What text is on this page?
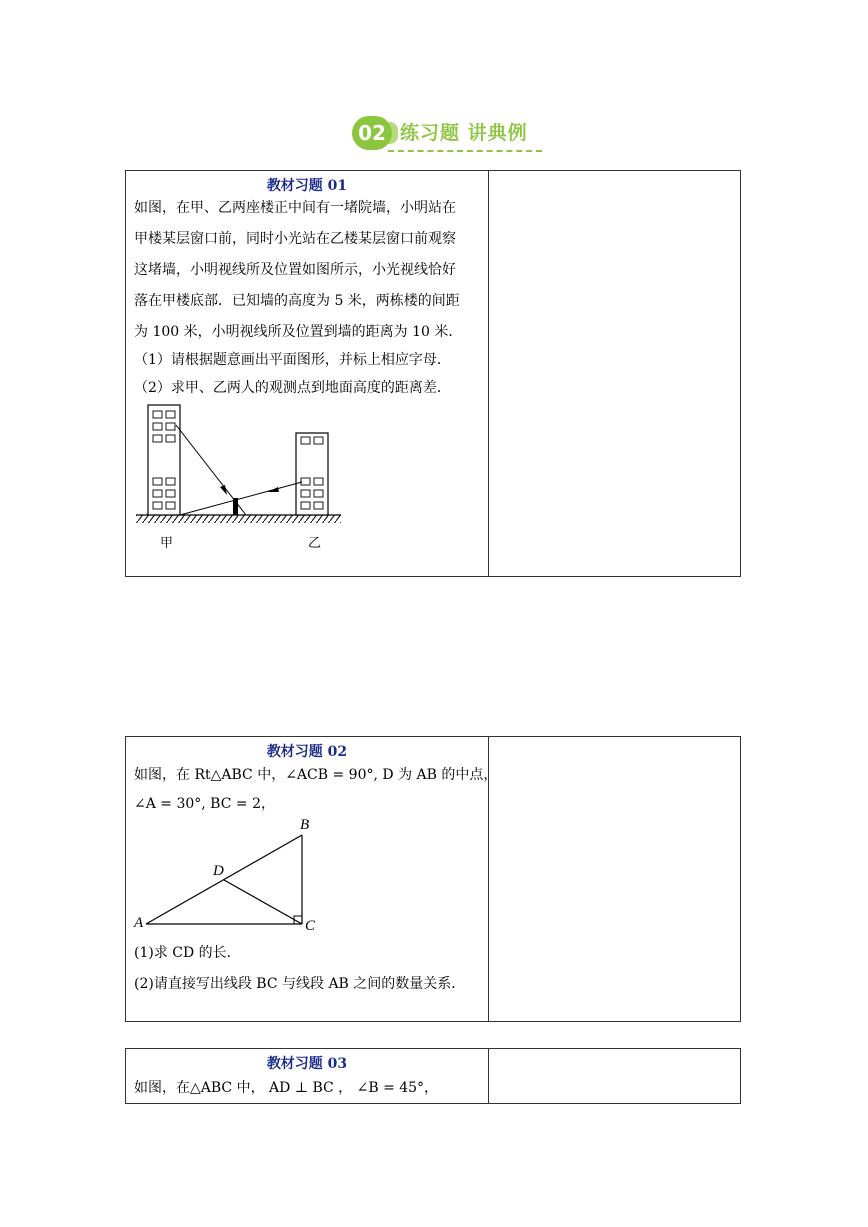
02 练习题 讲典例
教材习题 01
如图，在甲、乙两座楼正中间有一堵院墙，小明站在
甲楼某层窗口前，同时小光站在乙楼某层窗口前观察
这堵墙，小明视线所及位置如图所示，小光视线恰好
落在甲楼底部．已知墙的高度为 5 米，两栋楼的间距
为 100 米，小明视线所及位置到墙的距离为 10 米．
（1）请根据题意画出平面图形，并标上相应字母．
（2）求甲、乙两人的观测点到地面高度的距离差．
甲	乙
教材习题 02
如图，在 Rt△ABC 中，∠ACB = 90°, D 为 AB 的中点，
∠A = 30°, BC = 2，
A
B
C
D
(1)求 CD 的长．
(2)请直接写出线段 BC 与线段 AB 之间的数量关系．
教材习题 03
如图，在△ABC 中， AD ⊥ BC ， ∠B = 45°，
